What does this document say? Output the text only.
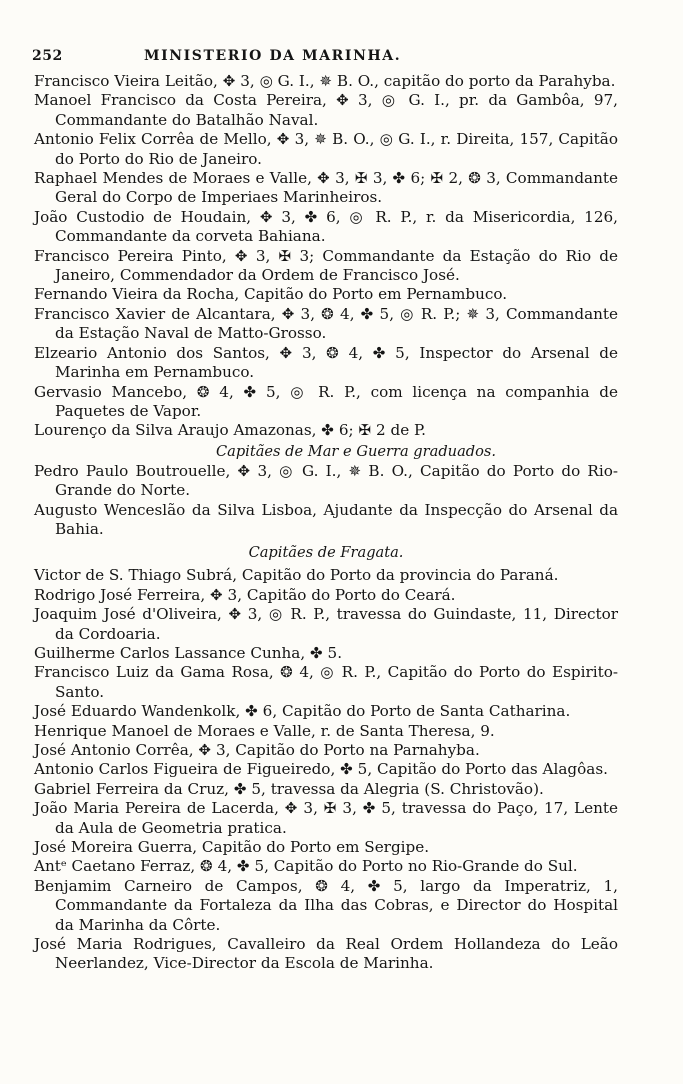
252	MINISTERIO DA MARINHA.

Francisco Vieira Leitão, ✥ 3, ◎ G. I., ✵ B. O., capitão do porto da Parahyba.

Manoel Francisco da Costa Pereira, ✥ 3, ◎ G. I., pr. da Gambôa, 97, Commandante do Batalhão Naval.

Antonio Felix Corrêa de Mello, ✥ 3, ✵ B. O., ◎ G. I., r. Direita, 157, Capitão do Porto do Rio de Janeiro.

Raphael Mendes de Moraes e Valle, ✥ 3, ✠ 3, ✤ 6; ✠ 2, ❂ 3, Commandante Geral do Corpo de Imperiaes Marinheiros.

João Custodio de Houdain, ✥ 3, ✤ 6, ◎ R. P., r. da Misericordia, 126, Commandante da corveta Bahiana.

Francisco Pereira Pinto, ✥ 3, ✠ 3; Commandante da Estação do Rio de Janeiro, Commendador da Ordem de Francisco José.

Fernando Vieira da Rocha, Capitão do Porto em Pernambuco.

Francisco Xavier de Alcantara, ✥ 3, ❂ 4, ✤ 5, ◎ R. P.; ✵ 3, Commandante da Estação Naval de Matto-Grosso.

Elzeario Antonio dos Santos, ✥ 3, ❂ 4, ✤ 5, Inspector do Arsenal de Marinha em Pernambuco.

Gervasio Mancebo, ❂ 4, ✤ 5, ◎ R. P., com licença na companhia de Paquetes de Vapor.

Lourenço da Silva Araujo Amazonas, ✤ 6; ✠ 2 de P.

Capitães de Mar e Guerra graduados.

Pedro Paulo Boutrouelle, ✥ 3, ◎ G. I., ✵ B. O., Capitão do Porto do Rio-Grande do Norte.

Augusto Wenceslão da Silva Lisboa, Ajudante da Inspecção do Arsenal da Bahia.

Capitães de Fragata.

Victor de S. Thiago Subrá, Capitão do Porto da provincia do Paraná.

Rodrigo José Ferreira, ✥ 3, Capitão do Porto do Ceará.

Joaquim José d'Oliveira, ✥ 3, ◎ R. P., travessa do Guindaste, 11, Director da Cordoaria.

Guilherme Carlos Lassance Cunha, ✤ 5.

Francisco Luiz da Gama Rosa, ❂ 4, ◎ R. P., Capitão do Porto do Espirito-Santo.

José Eduardo Wandenkolk, ✤ 6, Capitão do Porto de Santa Catharina.

Henrique Manoel de Moraes e Valle, r. de Santa Theresa, 9.

José Antonio Corrêa, ✥ 3, Capitão do Porto na Parnahyba.

Antonio Carlos Figueira de Figueiredo, ✤ 5, Capitão do Porto das Alagôas.

Gabriel Ferreira da Cruz, ✤ 5, travessa da Alegria (S. Christovão).

João Maria Pereira de Lacerda, ✥ 3, ✠ 3, ✤ 5, travessa do Paço, 17, Lente da Aula de Geometria pratica.

José Moreira Guerra, Capitão do Porto em Sergipe.

Antᵉ Caetano Ferraz, ❂ 4, ✤ 5, Capitão do Porto no Rio-Grande do Sul.

Benjamim Carneiro de Campos, ❂ 4, ✤ 5, largo da Imperatriz, 1, Commandante da Fortaleza da Ilha das Cobras, e Director do Hospital da Marinha da Côrte.

José Maria Rodrigues, Cavalleiro da Real Ordem Hollandeza do Leão Neerlandez, Vice-Director da Escola de Marinha.
